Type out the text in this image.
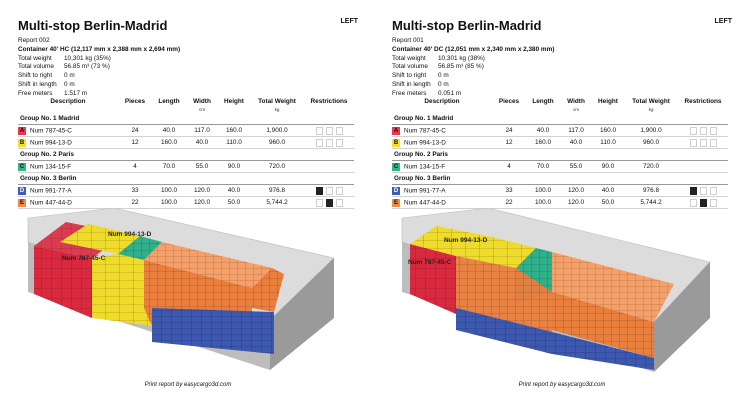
Multi-stop Berlin-Madrid	LEFT
Report 002
Container 40' HC (12,117 mm x 2,388 mm x 2,694 mm)
Total weight	10,301 kg (35%)
Total volume	56.85 m³ (73 %)
Shift to right	0 m
Shift in length	0 m
Free meters	1.517 m
Description	Pieces	Length	Width	Height	Total Weight	Restrictions
			cm		kg	
Group No. 1 Madrid						
A Num 787-45-C	24	40.0	117.0	160.0	1,900.0	

B Num 994-13-D	12	160.0	40.0	110.0	960.0	

Group No. 2 Paris						
C Num 134-15-F	4	70.0	55.0	90.0	720.0	
Group No. 3 Berlin						
D Num 991-77-A	33	100.0	120.0	40.0	976.8	

E Num 447-44-D	22	100.0	120.0	50.0	5,744.2	
Num 994-13-D
Num 787-45-C
Print report by easycargo3d.com
Multi-stop Berlin-Madrid	LEFT
Report 001
Container 40' DC (12,051 mm x 2,340 mm x 2,380 mm)
Total weight	10,301 kg (38%)
Total volume	56.85 m³ (85 %)
Shift to right	0 m
Shift in length	0 m
Free meters	0.051 m
Description	Pieces	Length	Width	Height	Total Weight	Restrictions
			cm		kg	
Group No. 1 Madrid						
A Num 787-45-C	24	40.0	117.0	160.0	1,900.0	

B Num 994-13-D	12	160.0	40.0	110.0	960.0	

Group No. 2 Paris						
C Num 134-15-F	4	70.0	55.0	90.0	720.0	
Group No. 3 Berlin						
D Num 991-77-A	33	100.0	120.0	40.0	976.8	

E Num 447-44-D	22	100.0	120.0	50.0	5,744.2	
Num 994-13-D
Num 787-45-C
Print report by easycargo3d.com
